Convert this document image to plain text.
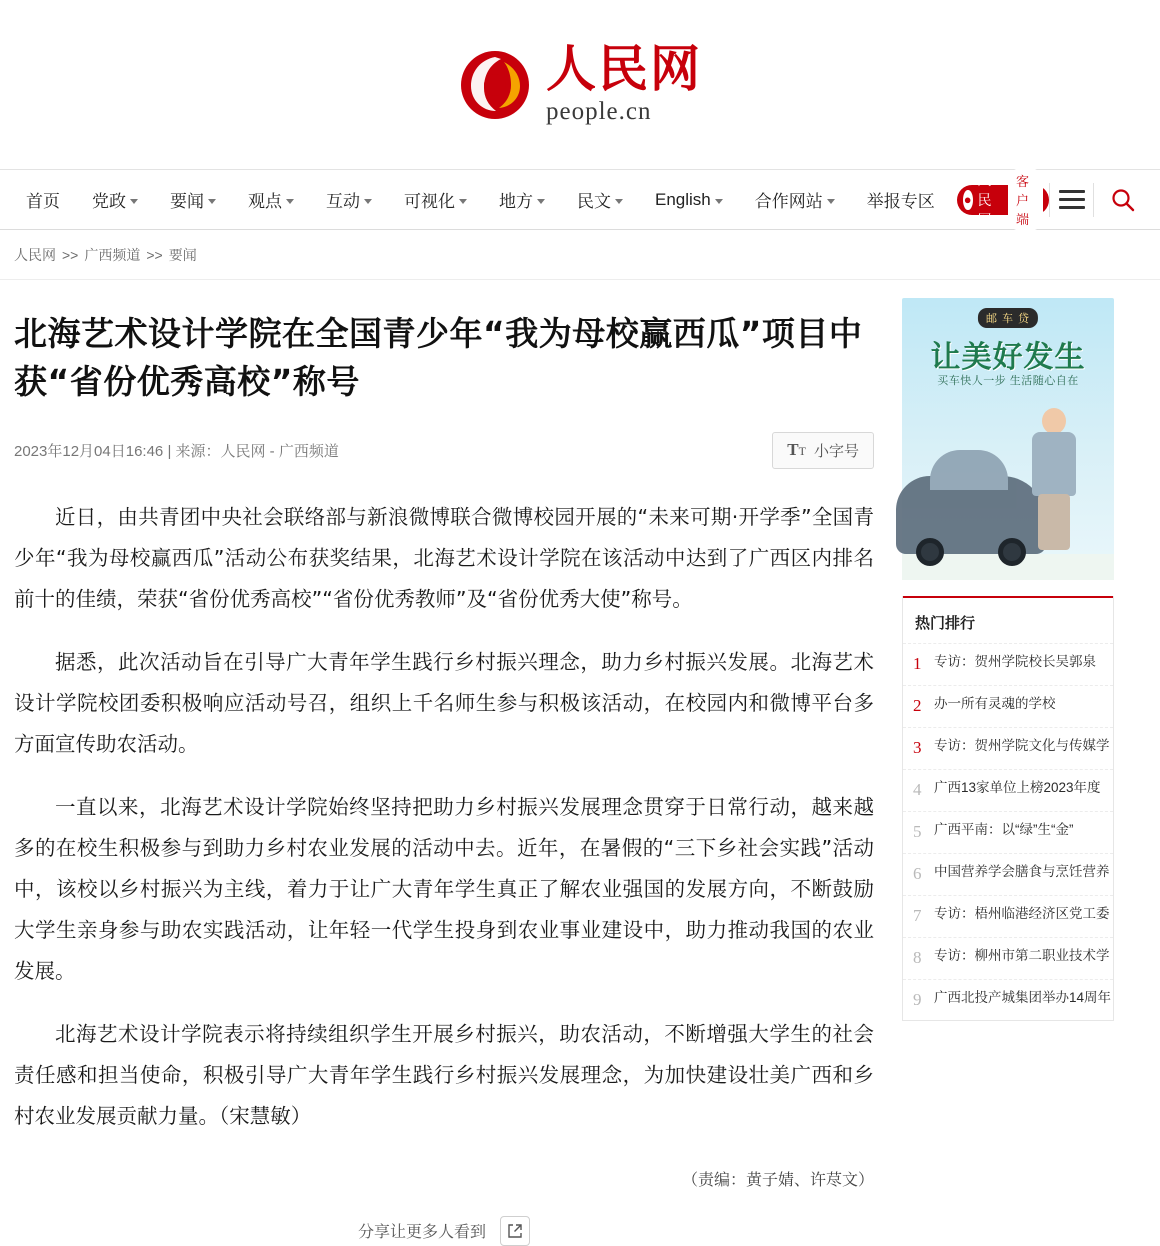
人民网
people.cn
首页 党政	要闻	观点	互动	可视化	地方	民文	English	合作网站	举报专区 ●
人民网+
客户端
人民网 >> 广西频道 >> 要闻
北海艺术设计学院在全国青少年“我为母校赢西瓜”项目中获“省份优秀高校”称号
2023年12月04日16:46 | 来源：人民网 - 广西频道	TT 小字号

近日，由共青团中央社会联络部与新浪微博联合微博校园开展的“未来可期·开学季”全国青少年“我为母校赢西瓜”活动公布获奖结果，北海艺术设计学院在该活动中达到了广西区内排名前十的佳绩，荣获“省份优秀高校”“省份优秀教师”及“省份优秀大使”称号。

据悉，此次活动旨在引导广大青年学生践行乡村振兴理念，助力乡村振兴发展。北海艺术设计学院校团委积极响应活动号召，组织上千名师生参与积极该活动，在校园内和微博平台多方面宣传助农活动。

一直以来，北海艺术设计学院始终坚持把助力乡村振兴发展理念贯穿于日常行动，越来越多的在校生积极参与到助力乡村农业发展的活动中去。近年，在暑假的“三下乡社会实践”活动中，该校以乡村振兴为主线，着力于让广大青年学生真正了解农业强国的发展方向，不断鼓励大学生亲身参与助农实践活动，让年轻一代学生投身到农业事业建设中，助力推动我国的农业发展。

北海艺术设计学院表示将持续组织学生开展乡村振兴，助农活动，不断增强大学生的社会责任感和担当使命，积极引导广大青年学生践行乡村振兴发展理念，为加快建设壮美广西和乡村农业发展贡献力量。（宋慧敏）

（责编：黄子婧、许荩文）
分享让更多人看到
邮 车 贷
让美好发生
买车快人一步 生活随心自在
热门排行
1 专访：贺州学院校长吴郭泉
2 办一所有灵魂的学校
3 专访：贺州学院文化与传媒学
4 广西13家单位上榜2023年度
5 广西平南：以“绿”生“金”
6 中国营养学会膳食与烹饪营养
7 专访：梧州临港经济区党工委
8 专访：柳州市第二职业技术学
9 广西北投产城集团举办14周年
